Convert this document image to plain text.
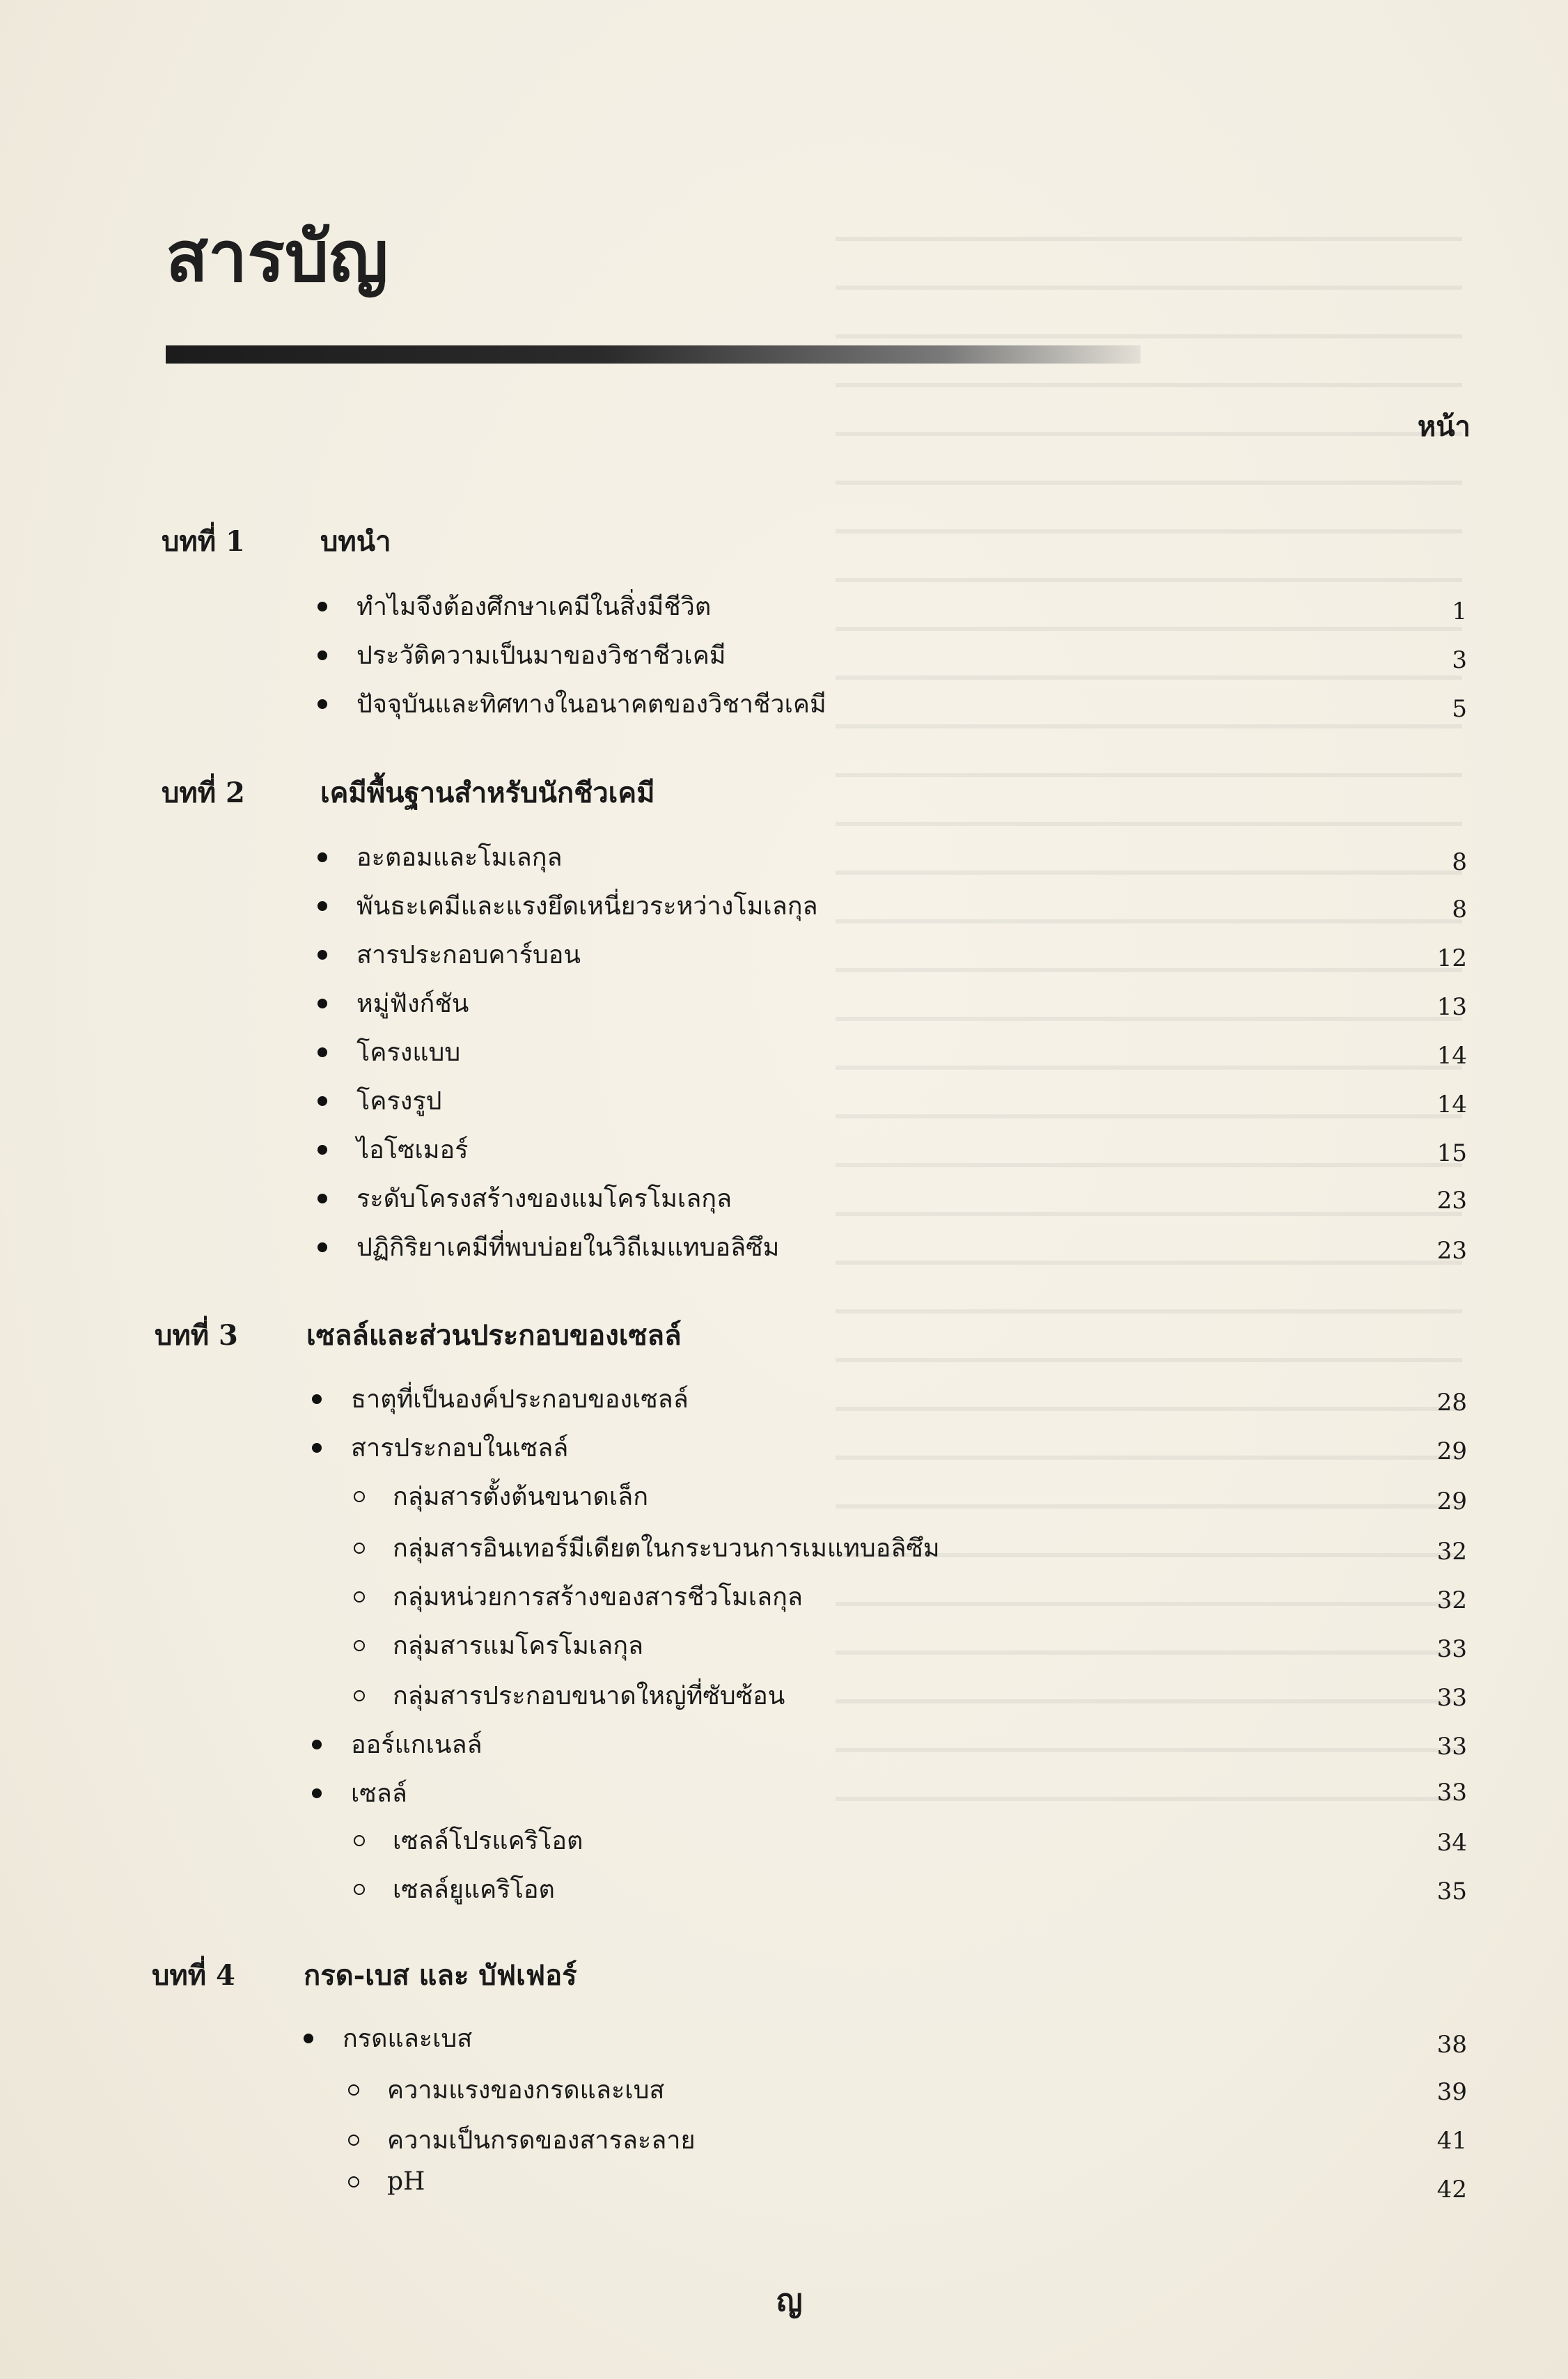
สารบัญ
หน้า
บทที่ 1	บทนำ
ทำไมจึงต้องศึกษาเคมีในสิ่งมีชีวิต	1
ประวัติความเป็นมาของวิชาชีวเคมี	3
ปัจจุบันและทิศทางในอนาคตของวิชาชีวเคมี	5
บทที่ 2	เคมีพื้นฐานสำหรับนักชีวเคมี
อะตอมและโมเลกุล	8
พันธะเคมีและแรงยึดเหนี่ยวระหว่างโมเลกุล	8
สารประกอบคาร์บอน	12
หมู่ฟังก์ชัน	13
โครงแบบ	14
โครงรูป	14
ไอโซเมอร์	15
ระดับโครงสร้างของแมโครโมเลกุล	23
ปฏิกิริยาเคมีที่พบบ่อยในวิถีเมแทบอลิซึม	23
บทที่ 3 เซลล์และส่วนประกอบของเซลล์
ธาตุที่เป็นองค์ประกอบของเซลล์	28
สารประกอบในเซลล์	29
กลุ่มสารตั้งต้นขนาดเล็ก	29
กลุ่มสารอินเทอร์มีเดียตในกระบวนการเมแทบอลิซึม	32
กลุ่มหน่วยการสร้างของสารชีวโมเลกุล	32
กลุ่มสารแมโครโมเลกุล	33
กลุ่มสารประกอบขนาดใหญ่ที่ซับซ้อน	33
ออร์แกเนลล์	33
เซลล์	33
เซลล์โปรแคริโอต	34
เซลล์ยูแคริโอต	35
บทที่ 4 กรด-เบส และ บัฟเฟอร์
กรดและเบส	38
ความแรงของกรดและเบส	39
ความเป็นกรดของสารละลาย	41
pH	42
ญ
